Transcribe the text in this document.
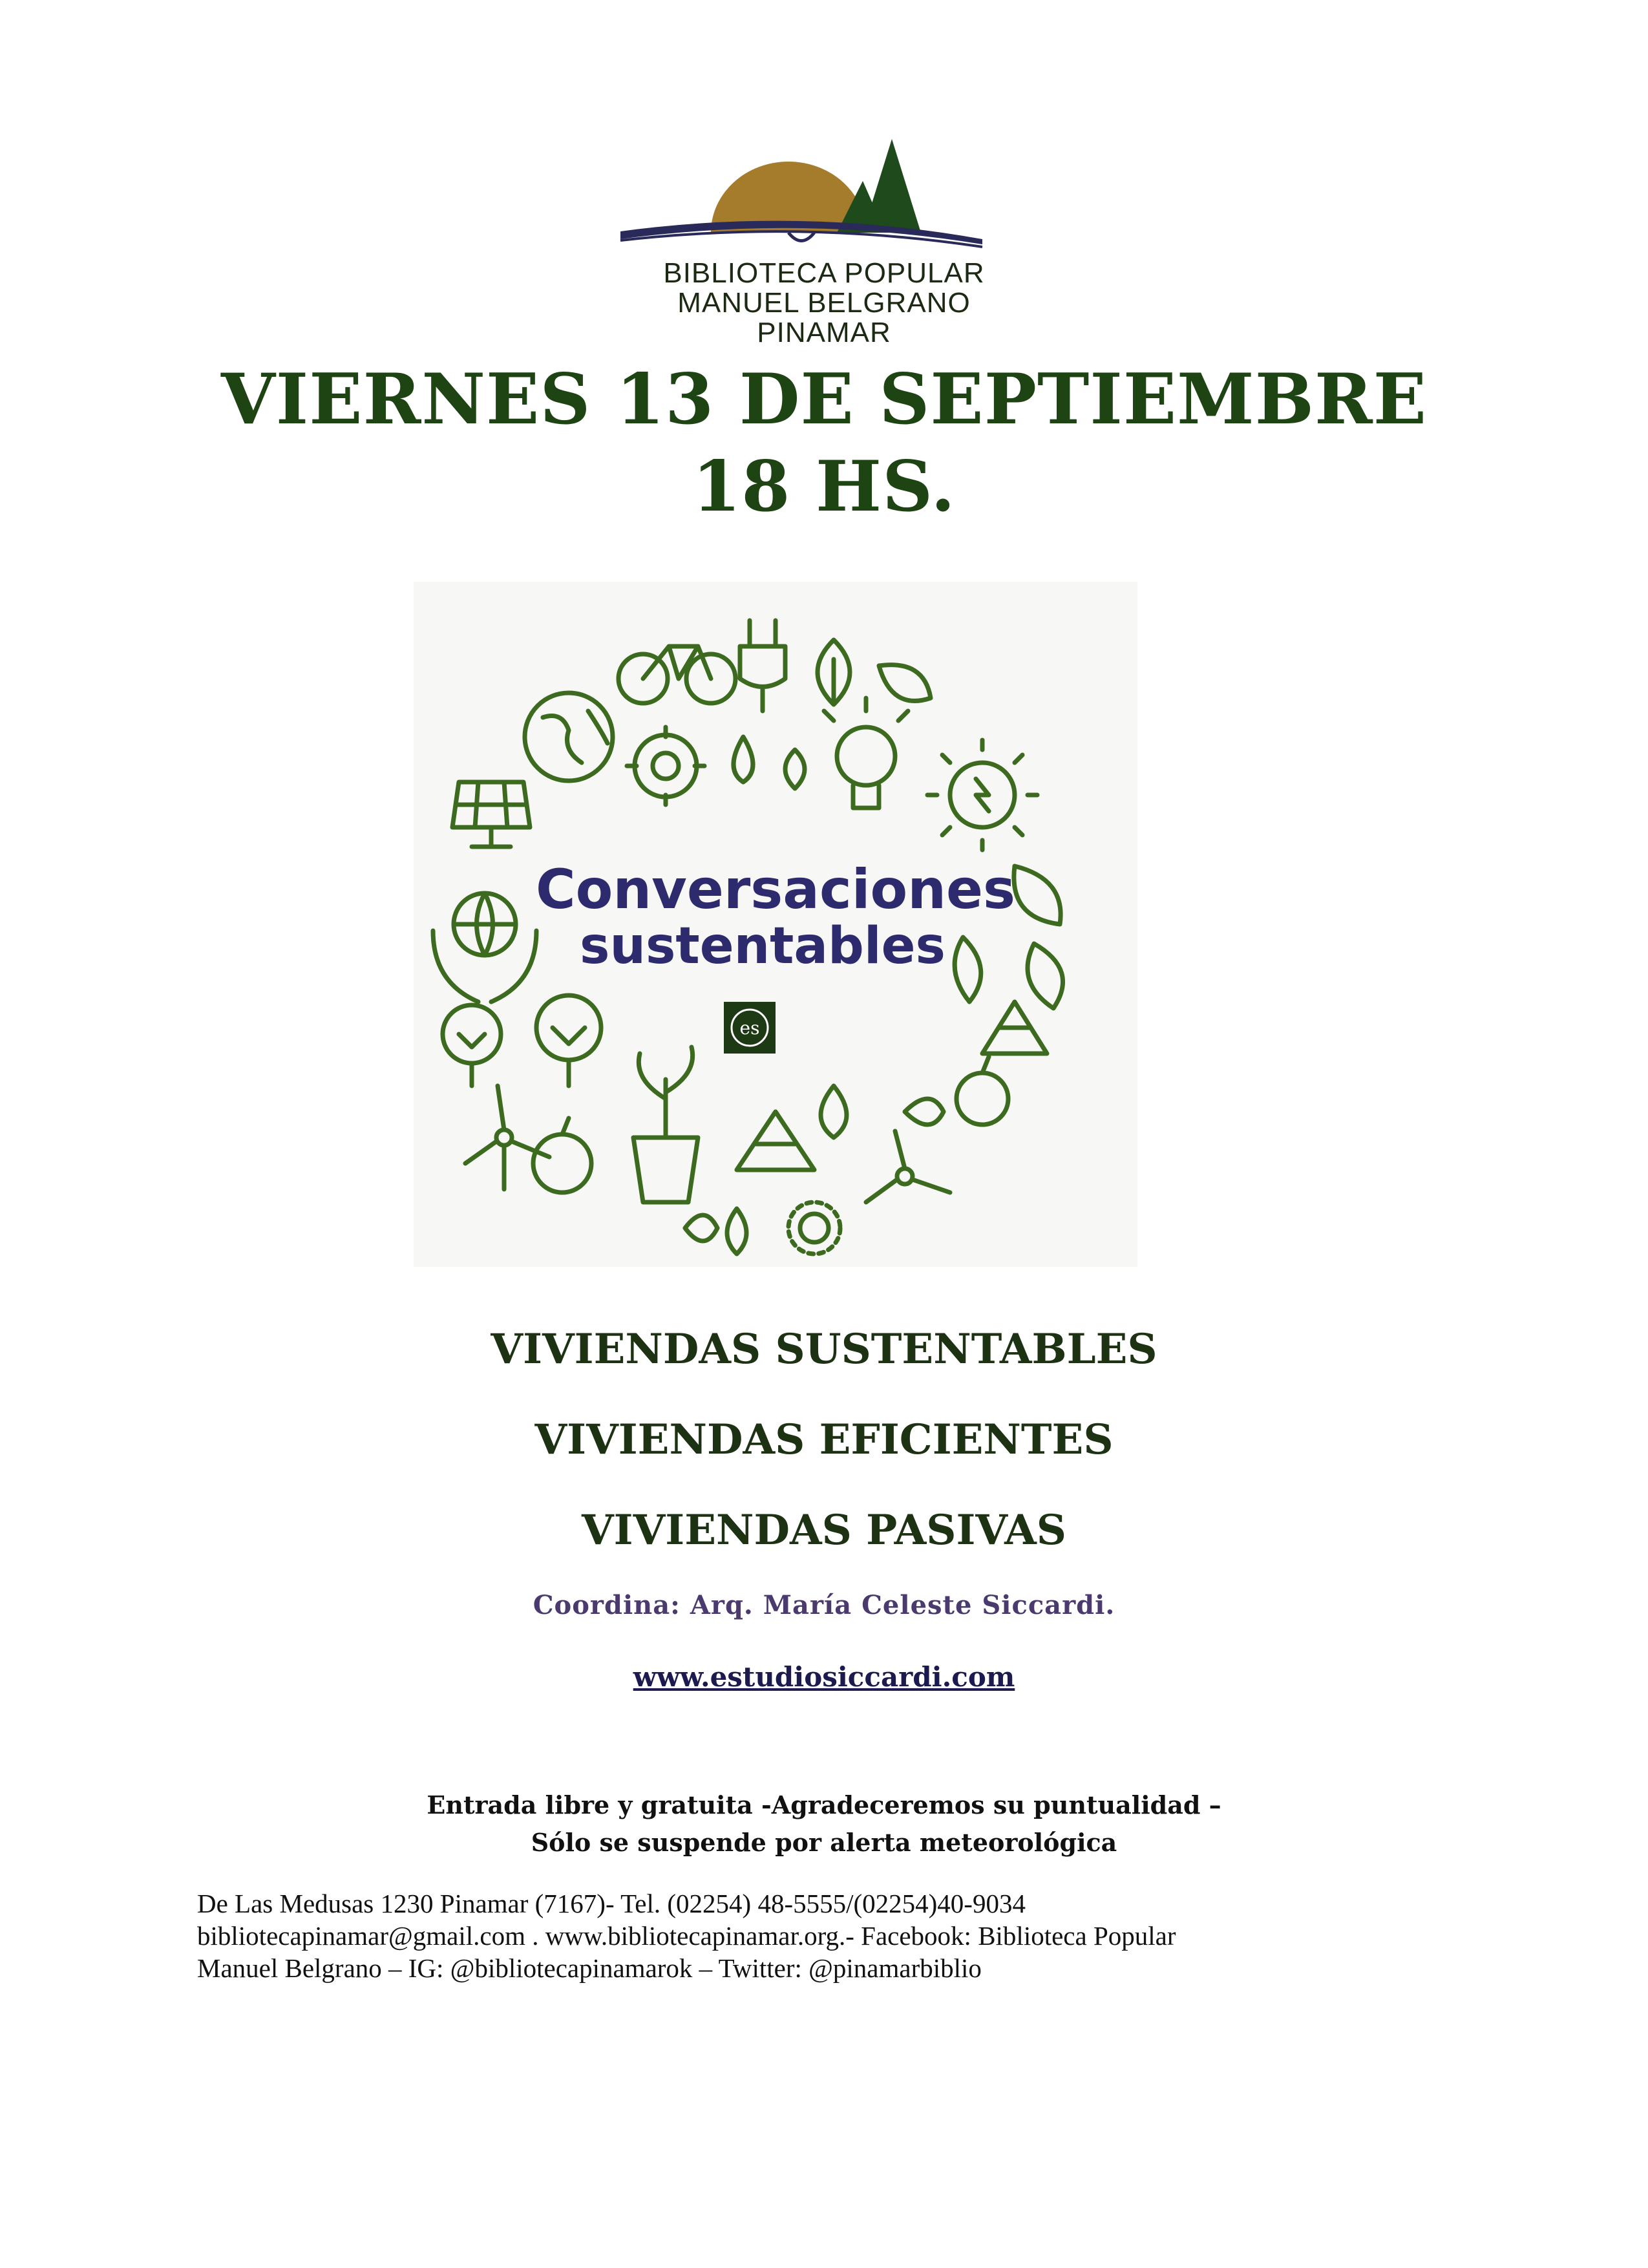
BIBLIOTECA POPULAR
MANUEL BELGRANO
PINAMAR
VIERNES 13 DE SEPTIEMBRE
18 HS.
Conversaciones
sustentables
es
VIVIENDAS SUSTENTABLES
VIVIENDAS EFICIENTES
VIVIENDAS PASIVAS
Coordina: Arq. María Celeste Siccardi.
www.estudiosiccardi.com
Entrada libre y gratuita -Agradeceremos su puntualidad –
Sólo se suspende por alerta meteorológica
De Las Medusas 1230 Pinamar (7167)- Tel. (02254) 48-5555/(02254)40-9034
bibliotecapinamar@gmail.com . www.bibliotecapinamar.org.- Facebook: Biblioteca Popular
Manuel Belgrano – IG: @bibliotecapinamarok – Twitter: @pinamarbiblio
